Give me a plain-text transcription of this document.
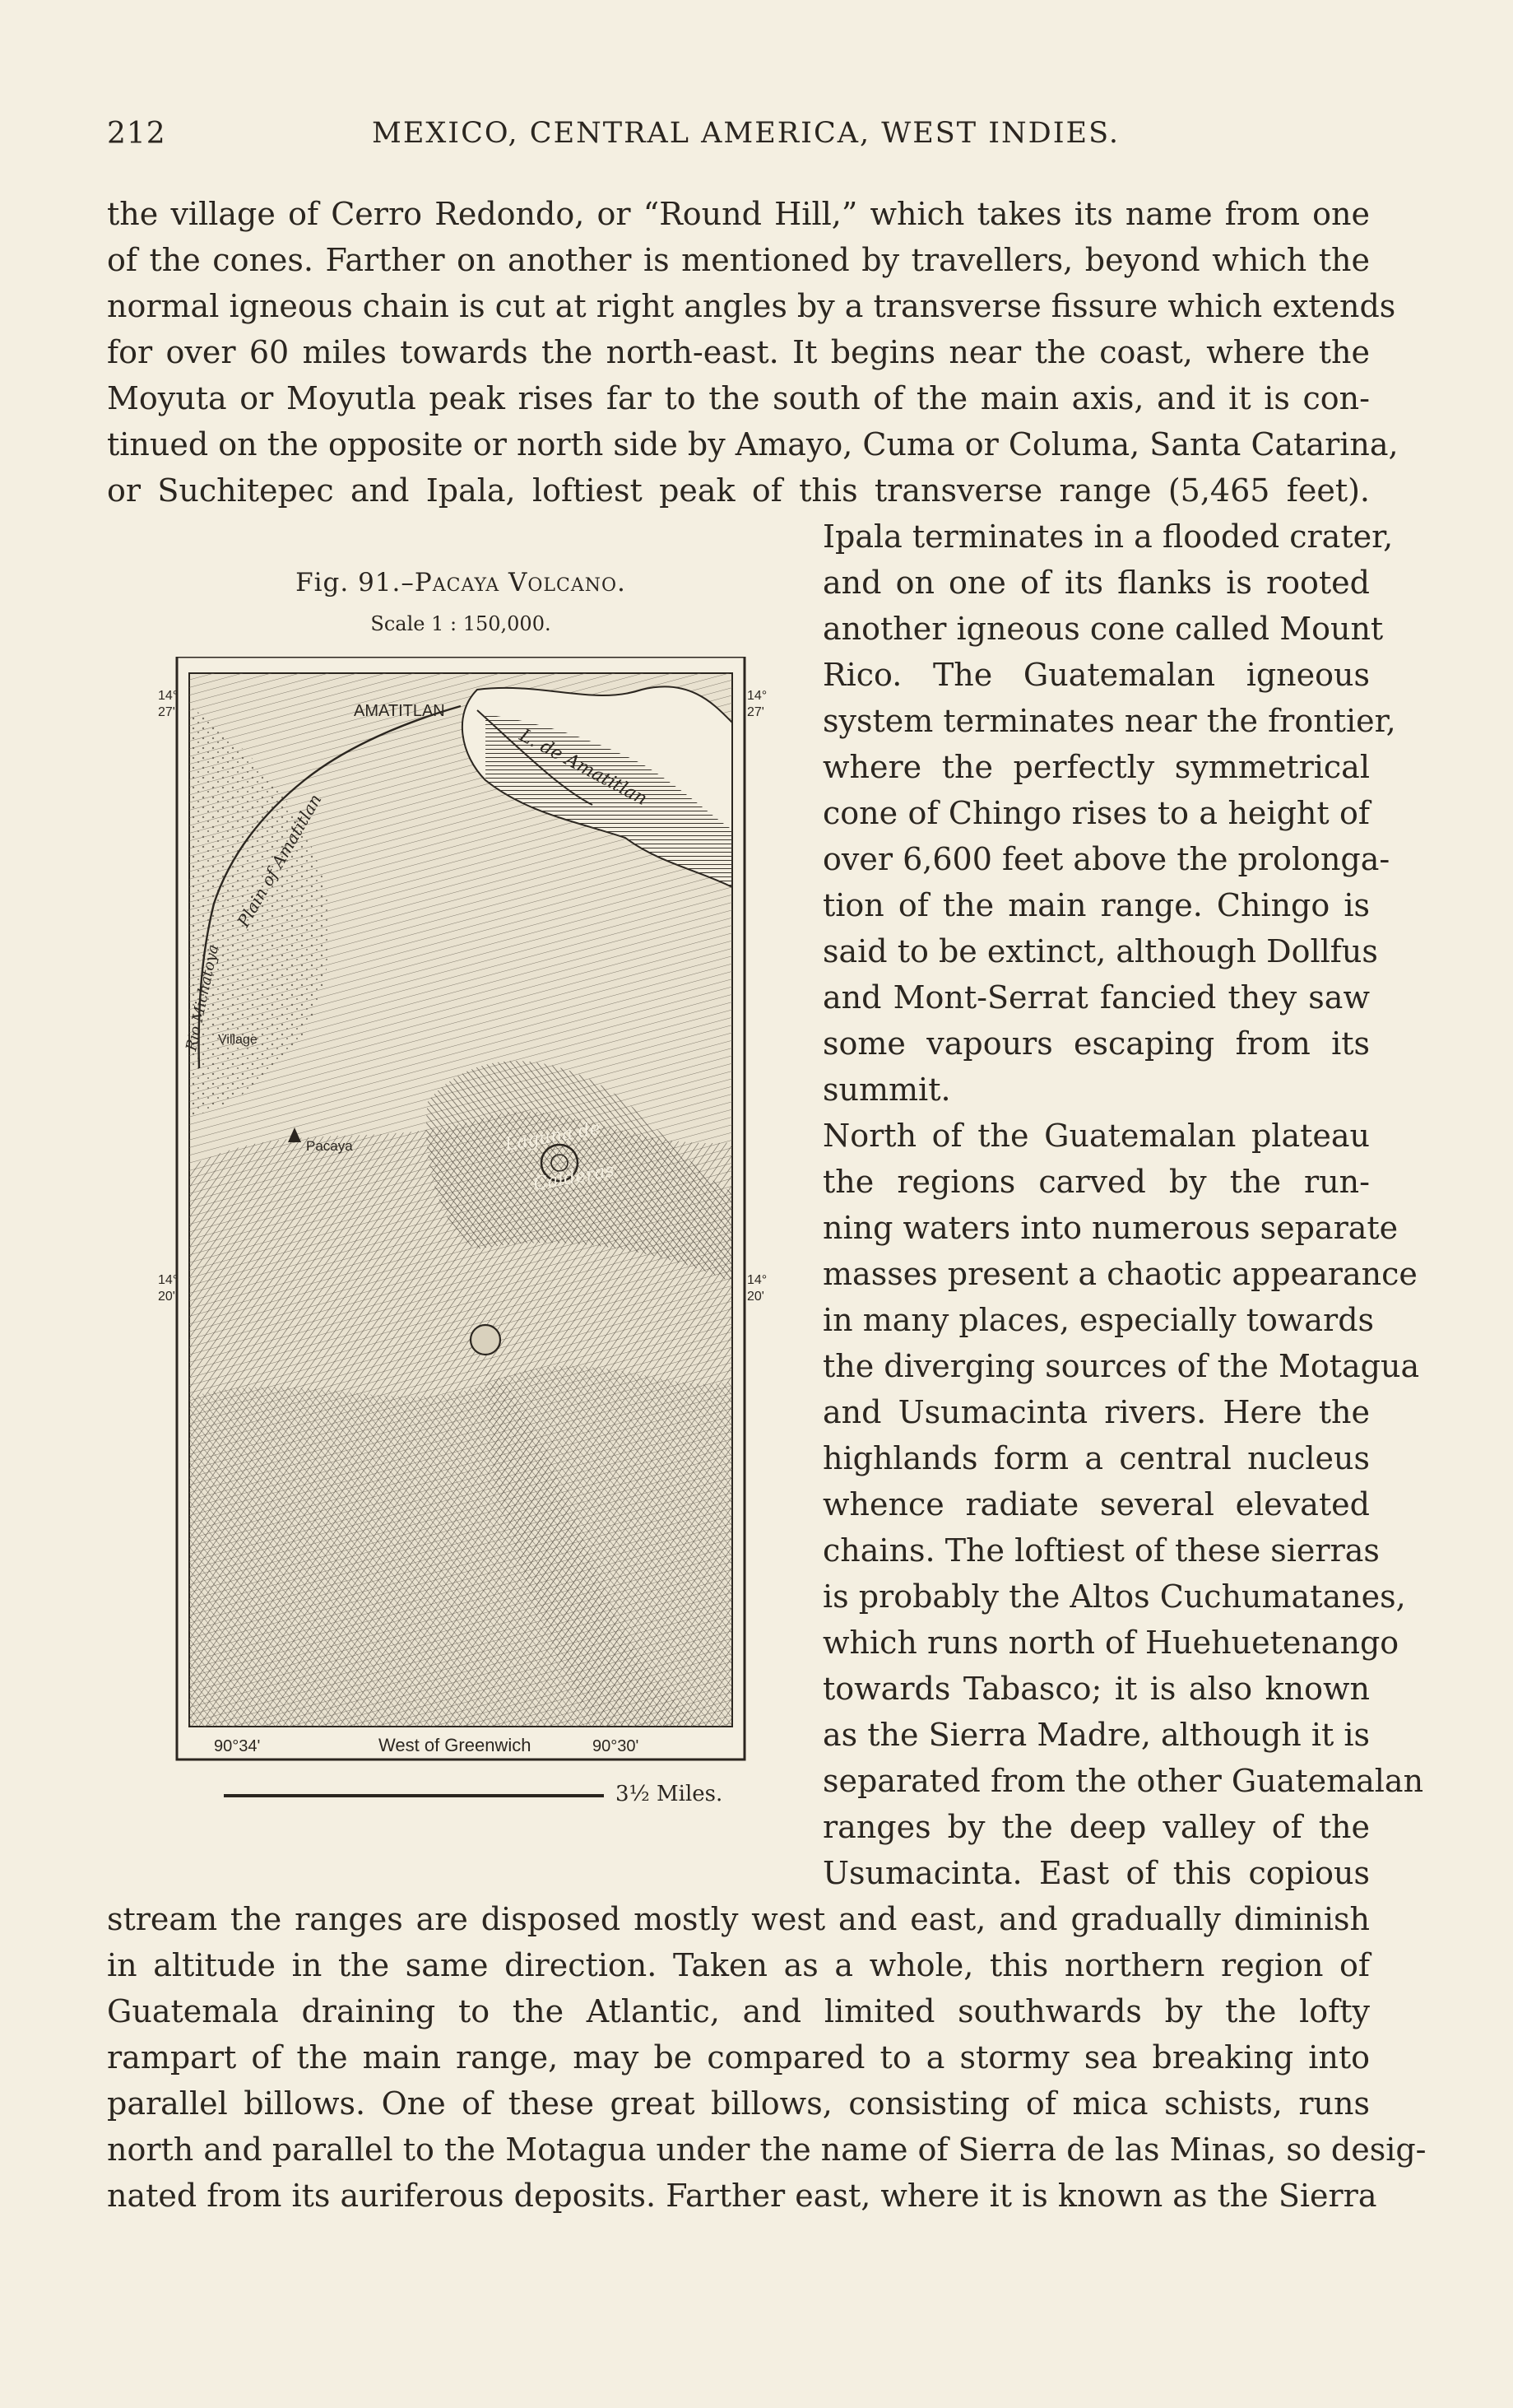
212	MEXICO, CENTRAL AMERICA, WEST INDIES.
the village of Cerro Redondo, or “Round Hill,” which takes its name from one
of the cones. Farther on another is mentioned by travellers, beyond which the
normal igneous chain is cut at right angles by a transverse fissure which extends
for over 60 miles towards the north-east. It begins near the coast, where the
Moyuta or Moyutla peak rises far to the south of the main axis, and it is con-
tinued on the opposite or north side by Amayo, Cuma or Columa, Santa Catarina,
or Suchitepec and Ipala, loftiest peak of this transverse range (5,465 feet).
Ipala terminates in a flooded crater,
and on one of its flanks is rooted
another igneous cone called Mount
Rico. The Guatemalan igneous
system terminates near the frontier,
where the perfectly symmetrical
cone of Chingo rises to a height of
over 6,600 feet above the prolonga-
tion of the main range. Chingo is
said to be extinct, although Dollfus
and Mont-Serrat fancied they saw
some vapours escaping from its
summit.
North of the Guatemalan plateau
the regions carved by the run-
ning waters into numerous separate
masses present a chaotic appearance
in many places, especially towards
the diverging sources of the Motagua
and Usumacinta rivers. Here the
highlands form a central nucleus
whence radiate several elevated
chains. The loftiest of these sierras
is probably the Altos Cuchumatanes,
which runs north of Huehuetenango
towards Tabasco; it is also known
as the Sierra Madre, although it is
separated from the other Guatemalan
ranges by the deep valley of the
Usumacinta. East of this copious
stream the ranges are disposed mostly west and east, and gradually diminish
in altitude in the same direction. Taken as a whole, this northern region of
Guatemala draining to the Atlantic, and limited southwards by the lofty
rampart of the main range, may be compared to a stormy sea breaking into
parallel billows. One of these great billows, consisting of mica schists, runs
north and parallel to the Motagua under the name of Sierra de las Minas, so desig-
nated from its auriferous deposits. Farther east, where it is known as the Sierra
Fig. 91.–Pacaya Volcano.
Scale 1 : 150,000.
AMATITLAN
L. de Amatitlan
Plain of Amatitlan
Rio Michatoya
Village
Pacaya	Laguna de
Calderas
14°
27'
14°
27'
14°
20'
14°
20'
90°34'	West of Greenwich	90°30'
3½ Miles.
